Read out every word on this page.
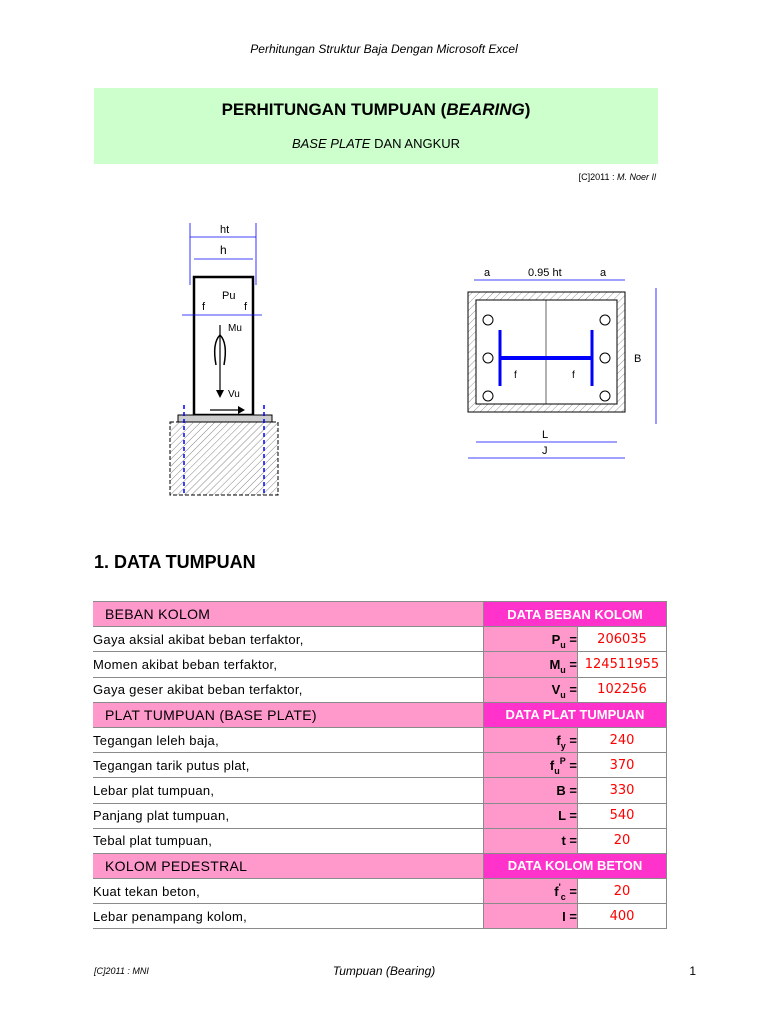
Perhitungan Struktur Baja Dengan Microsoft Excel
PERHITUNGAN TUMPUAN (BEARING)
BASE PLATE DAN ANGKUR
[C]2011 : M. Noer Il
ht
h
Pu
f	f
Mu
Vu
a	0.95 ht	a
f	f
B
L
J
1. DATA TUMPUAN
BEBAN KOLOM	DATA BEBAN KOLOM	
Gaya aksial akibat beban terfaktor,	$P_u$ =	206035
Momen akibat beban terfaktor,	$M_u$ =	124511955
Gaya geser akibat beban terfaktor,	$V_u$ =	102256
PLAT TUMPUAN (BASE PLATE)	DATA PLAT TUMPUAN	
Tegangan leleh baja,	$f_y$ =	240
Tegangan tarik putus plat,	$f_u^P$ =	370
Lebar plat tumpuan,	B =	330
Panjang plat tumpuan,	L =	540
Tebal plat tumpuan,	t =	20
KOLOM PEDESTRAL	DATA KOLOM BETON	
Kuat tekan beton,	$f'_c$ =	20
Lebar penampang kolom,	I =	400
[C]2011 : MNI	Tumpuan (Bearing)	1
